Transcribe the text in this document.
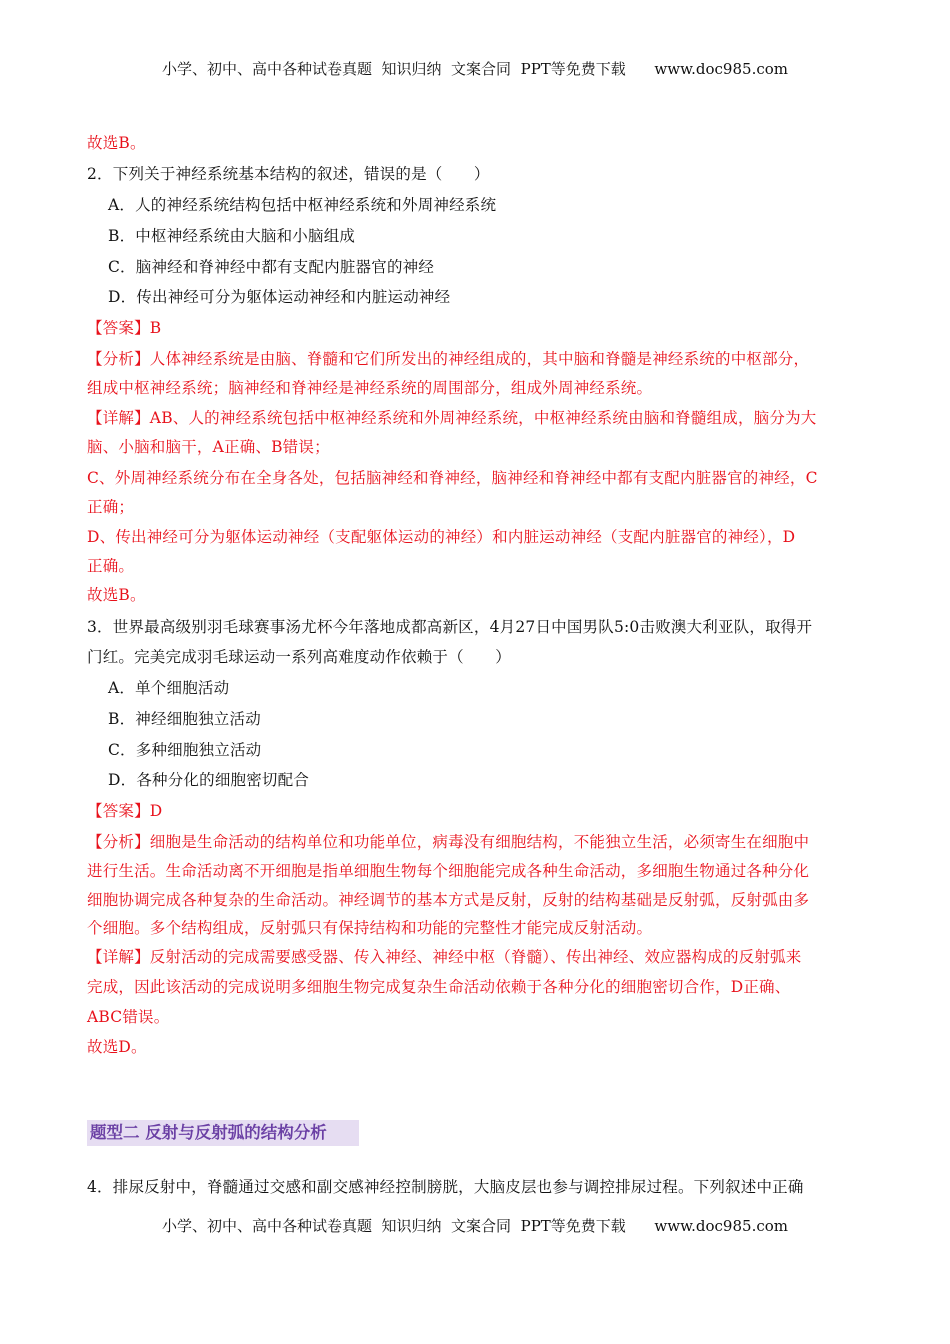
小学、初中、高中各种试卷真题  知识归纳  文案合同  PPT等免费下载      www.doc985.com
故选B。
2．下列关于神经系统基本结构的叙述，错误的是（　　）
A．人的神经系统结构包括中枢神经系统和外周神经系统
B．中枢神经系统由大脑和小脑组成
C．脑神经和脊神经中都有支配内脏器官的神经
D．传出神经可分为躯体运动神经和内脏运动神经
【答案】B
【分析】人体神经系统是由脑、脊髓和它们所发出的神经组成的，其中脑和脊髓是神经系统的中枢部分，
组成中枢神经系统；脑神经和脊神经是神经系统的周围部分，组成外周神经系统。
【详解】AB、人的神经系统包括中枢神经系统和外周神经系统，中枢神经系统由脑和脊髓组成，脑分为大
脑、小脑和脑干，A正确、B错误；
C、外周神经系统分布在全身各处，包括脑神经和脊神经，脑神经和脊神经中都有支配内脏器官的神经，C
正确；
D、传出神经可分为躯体运动神经（支配躯体运动的神经）和内脏运动神经（支配内脏器官的神经），D
正确。
故选B。
3．世界最高级别羽毛球赛事汤尤杯今年落地成都高新区，4月27日中国男队5:0击败澳大利亚队，取得开
门红。完美完成羽毛球运动一系列高难度动作依赖于（　　）
A．单个细胞活动
B．神经细胞独立活动
C．多种细胞独立活动
D．各种分化的细胞密切配合
【答案】D
【分析】细胞是生命活动的结构单位和功能单位，病毒没有细胞结构，不能独立生活，必须寄生在细胞中
进行生活。生命活动离不开细胞是指单细胞生物每个细胞能完成各种生命活动，多细胞生物通过各种分化
细胞协调完成各种复杂的生命活动。神经调节的基本方式是反射，反射的结构基础是反射弧，反射弧由多
个细胞。多个结构组成，反射弧只有保持结构和功能的完整性才能完成反射活动。
【详解】反射活动的完成需要感受器、传入神经、神经中枢（脊髓）、传出神经、效应器构成的反射弧来
完成，因此该活动的完成说明多细胞生物完成复杂生命活动依赖于各种分化的细胞密切合作，D正确、
ABC错误。
故选D。
题型二 反射与反射弧的结构分析
4．排尿反射中，脊髓通过交感和副交感神经控制膀胱，大脑皮层也参与调控排尿过程。下列叙述中正确
小学、初中、高中各种试卷真题  知识归纳  文案合同  PPT等免费下载      www.doc985.com
